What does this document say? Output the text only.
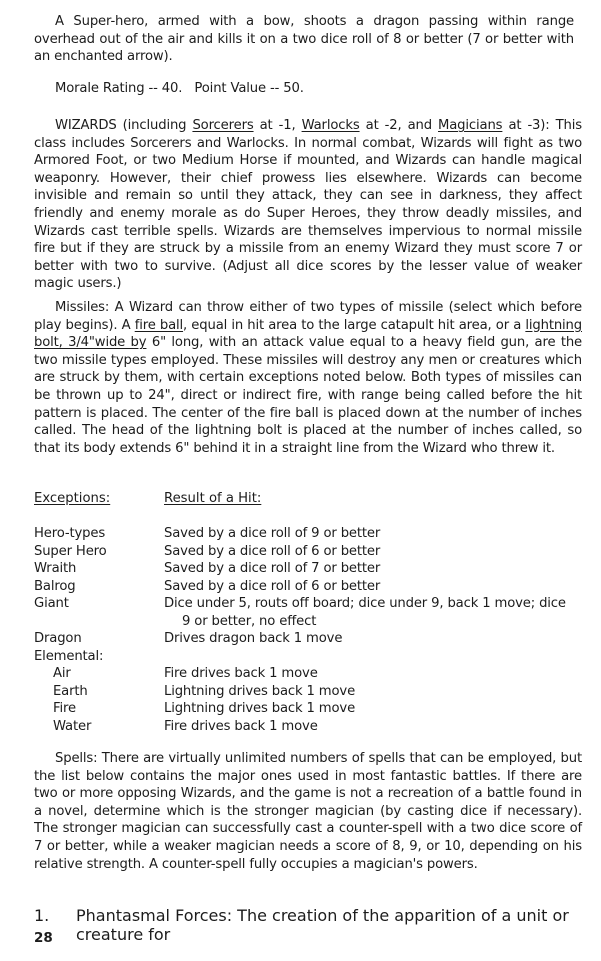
A Super-hero, armed with a bow, shoots a dragon passing within range overhead out of the air and kills it on a two dice roll of 8 or better (7 or better with an enchanted arrow).

Morale Rating -- 40.   Point Value -- 50.

WIZARDS (including Sorcerers at -1, Warlocks at -2, and Magicians at -3): This class includes Sorcerers and Warlocks. In normal combat, Wizards will fight as two Armored Foot, or two Medium Horse if mounted, and Wizards can handle magical weaponry. However, their chief prowess lies elsewhere. Wizards can become invisible and remain so until they attack, they can see in darkness, they affect friendly and enemy morale as do Super Heroes, they throw deadly missiles, and Wizards cast terrible spells. Wizards are themselves impervious to normal missile fire but if they are struck by a missile from an enemy Wizard they must score 7 or better with two to survive. (Adjust all dice scores by the lesser value of weaker magic users.)

Missiles: A Wizard can throw either of two types of missile (select which before play begins). A fire ball, equal in hit area to the large catapult hit area, or a lightning bolt, 3/4"wide by 6" long, with an attack value equal to a heavy field gun, are the two missile types employed. These missiles will destroy any men or creatures which are struck by them, with certain exceptions noted below. Both types of missiles can be thrown up to 24", direct or indirect fire, with range being called before the hit pattern is placed. The center of the fire ball is placed down at the number of inches called. The head of the lightning bolt is placed at the number of inches called, so that its body extends 6" behind it in a straight line from the Wizard who threw it.

Exceptions:	Result of a Hit:
Hero-types	Saved by a dice roll of 9 or better
Super Hero	Saved by a dice roll of 6 or better
Wraith	Saved by a dice roll of 7 or better
Balrog	Saved by a dice roll of 6 or better
Giant	Dice under 5, routs off board; dice under 9, back 1 move; dice
9 or better, no effect
Dragon	Drives dragon back 1 move
Elemental:
Air	Fire drives back 1 move
Earth	Lightning drives back 1 move
Fire	Lightning drives back 1 move
Water	Fire drives back 1 move

Spells: There are virtually unlimited numbers of spells that can be employed, but the list below contains the major ones used in most fantastic battles. If there are two or more opposing Wizards, and the game is not a recreation of a battle found in a novel, determine which is the stronger magician (by casting dice if necessary). The stronger magician can successfully cast a counter-spell with a two dice score of 7 or better, while a weaker magician needs a score of 8, 9, or 10, depending on his relative strength. A counter-spell fully occupies a magician's powers.

1.	Phantasmal Forces: The creation of the apparition of a unit or creature for
28
